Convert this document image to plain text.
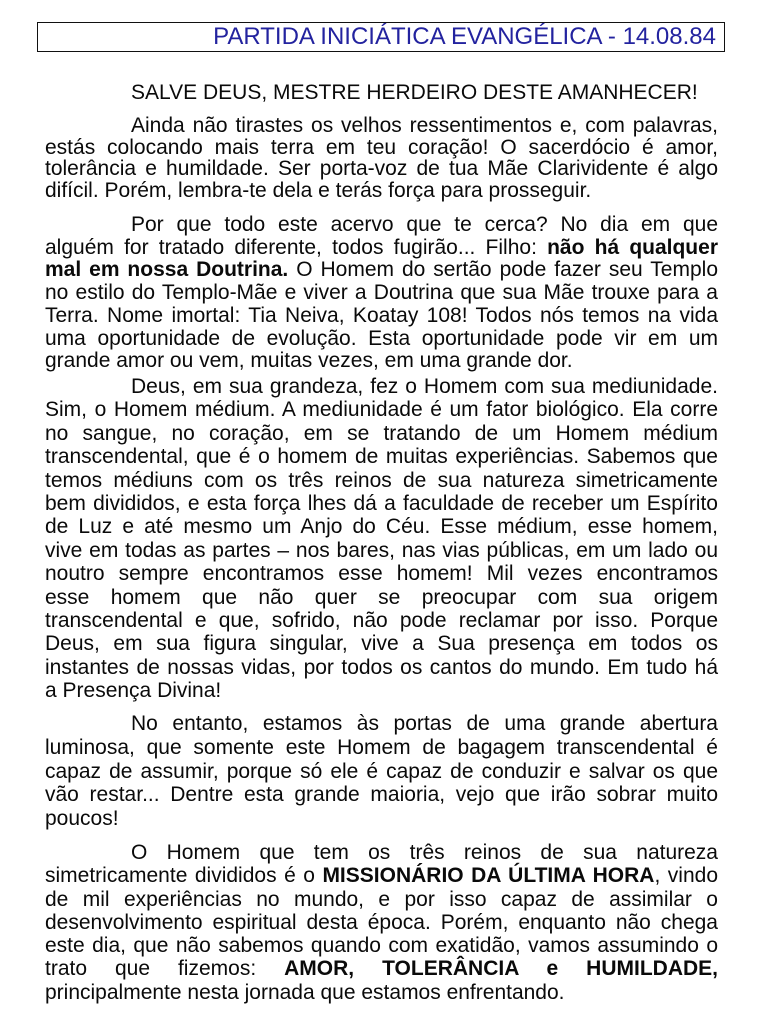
PARTIDA INICIÁTICA EVANGÉLICA - 14.08.84
SALVE DEUS, MESTRE HERDEIRO DESTE AMANHECER!
Ainda não tirastes os velhos ressentimentos e, com palavras,
estás colocando mais terra em teu coração! O sacerdócio é amor,
tolerância e humildade. Ser porta-voz de tua Mãe Clarividente é algo
difícil. Porém, lembra-te dela e terás força para prosseguir.
Por que todo este acervo que te cerca? No dia em que
alguém for tratado diferente, todos fugirão... Filho: não há qualquer
mal em nossa Doutrina. O Homem do sertão pode fazer seu Templo
no estilo do Templo-Mãe e viver a Doutrina que sua Mãe trouxe para a
Terra. Nome imortal: Tia Neiva, Koatay 108! Todos nós temos na vida
uma oportunidade de evolução. Esta oportunidade pode vir em um
grande amor ou vem, muitas vezes, em uma grande dor.
Deus, em sua grandeza, fez o Homem com sua mediunidade.
Sim, o Homem médium. A mediunidade é um fator biológico. Ela corre
no sangue, no coração, em se tratando de um Homem médium
transcendental, que é o homem de muitas experiências. Sabemos que
temos médiuns com os três reinos de sua natureza simetricamente
bem divididos, e esta força lhes dá a faculdade de receber um Espírito
de Luz e até mesmo um Anjo do Céu. Esse médium, esse homem,
vive em todas as partes – nos bares, nas vias públicas, em um lado ou
noutro sempre encontramos esse homem! Mil vezes encontramos
esse homem que não quer se preocupar com sua origem
transcendental e que, sofrido, não pode reclamar por isso. Porque
Deus, em sua figura singular, vive a Sua presença em todos os
instantes de nossas vidas, por todos os cantos do mundo. Em tudo há
a Presença Divina!
No entanto, estamos às portas de uma grande abertura
luminosa, que somente este Homem de bagagem transcendental é
capaz de assumir, porque só ele é capaz de conduzir e salvar os que
vão restar... Dentre esta grande maioria, vejo que irão sobrar muito
poucos!
O Homem que tem os três reinos de sua natureza
simetricamente divididos é o MISSIONÁRIO DA ÚLTIMA HORA, vindo
de mil experiências no mundo, e por isso capaz de assimilar o
desenvolvimento espiritual desta época. Porém, enquanto não chega
este dia, que não sabemos quando com exatidão, vamos assumindo o
trato que fizemos: AMOR, TOLERÂNCIA e HUMILDADE,
principalmente nesta jornada que estamos enfrentando.
